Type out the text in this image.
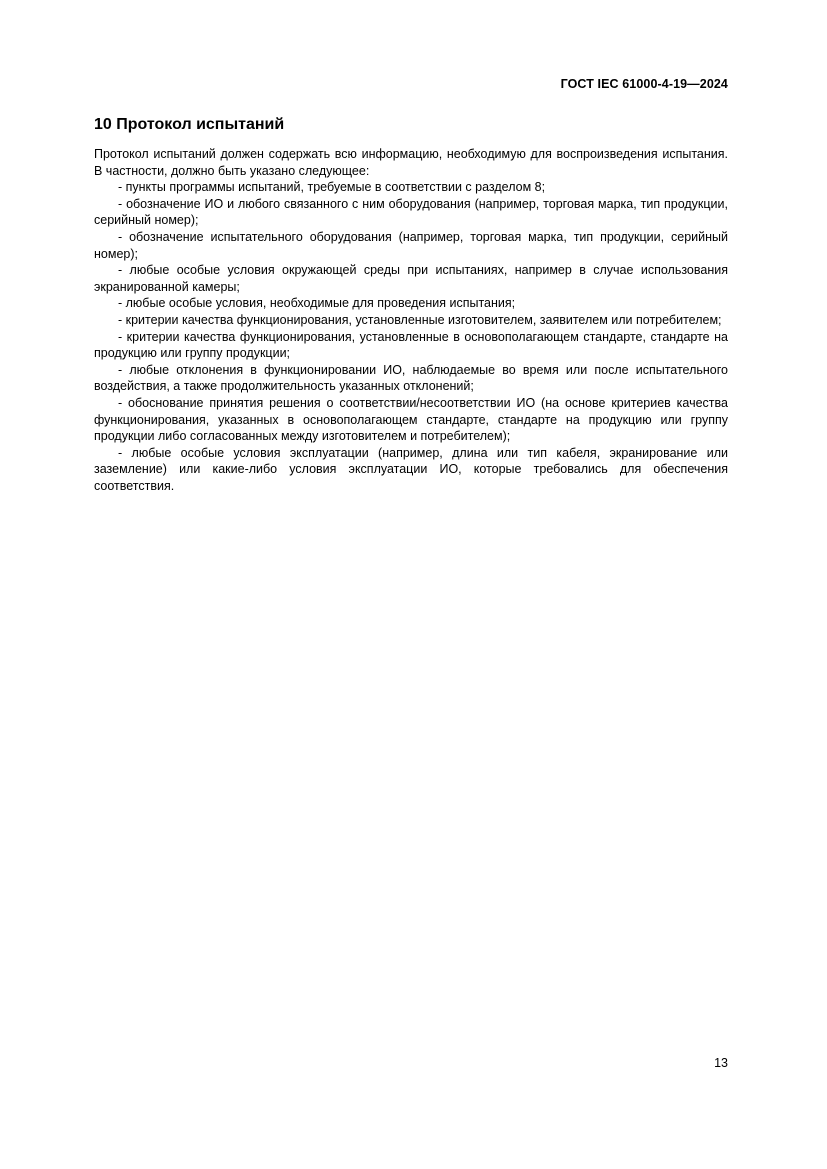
ГОСТ IEC 61000-4-19—2024
10 Протокол испытаний

Протокол испытаний должен содержать всю информацию, необходимую для воспроизведения испытания. В частности, должно быть указано следующее:

- пункты программы испытаний, требуемые в соответствии с разделом 8;

- обозначение ИО и любого связанного с ним оборудования (например, торговая марка, тип продукции, серийный номер);

- обозначение испытательного оборудования (например, торговая марка, тип продукции, серийный номер);

- любые особые условия окружающей среды при испытаниях, например в случае использования экранированной камеры;

- любые особые условия, необходимые для проведения испытания;

- критерии качества функционирования, установленные изготовителем, заявителем или потребителем;

- критерии качества функционирования, установленные в основополагающем стандарте, стандарте на продукцию или группу продукции;

- любые отклонения в функционировании ИО, наблюдаемые во время или после испытательного воздействия, а также продолжительность указанных отклонений;

- обоснование принятия решения о соответствии/несоответствии ИО (на основе критериев качества функционирования, указанных в основополагающем стандарте, стандарте на продукцию или группу продукции либо согласованных между изготовителем и потребителем);

- любые особые условия эксплуатации (например, длина или тип кабеля, экранирование или заземление) или какие-либо условия эксплуатации ИО, которые требовались для обеспечения соответствия.

13
